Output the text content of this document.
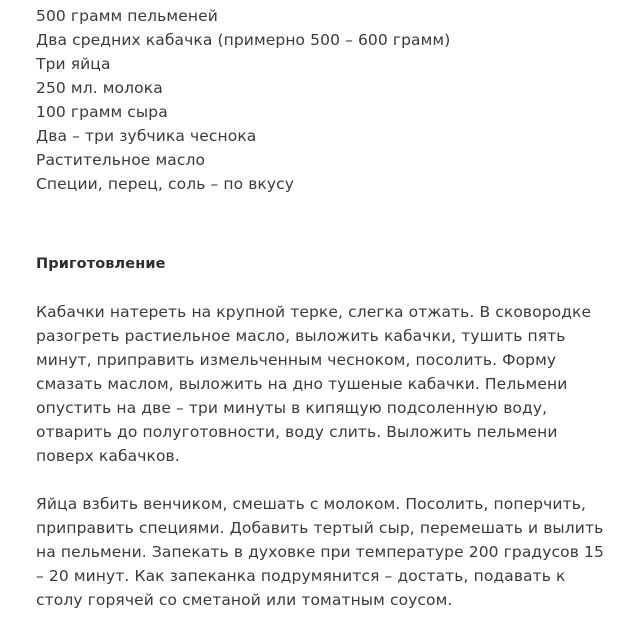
500 грамм пельменей
Два средних кабачка (примерно 500 – 600 грамм)
Три яйца
250 мл. молока
100 грамм сыра
Два – три зубчика чеснока
Растительное масло
Специи, перец, соль – по вкусу
Приготовление
Кабачки натереть на крупной терке, слегка отжать. В сковородке
разогреть растиельное масло, выложить кабачки, тушить пять
минут, приправить измельченным чесноком, посолить. Форму
смазать маслом, выложить на дно тушеные кабачки. Пельмени
опустить на две – три минуты в кипящую подсоленную воду,
отварить до полуготовности, воду слить. Выложить пельмени
поверх кабачков.
Яйца взбить венчиком, смешать с молоком. Посолить, поперчить,
приправить специями. Добавить тертый сыр, перемешать и вылить
на пельмени. Запекать в духовке при температуре 200 градусов 15
– 20 минут. Как запеканка подрумянится – достать, подавать к
столу горячей со сметаной или томатным соусом.
